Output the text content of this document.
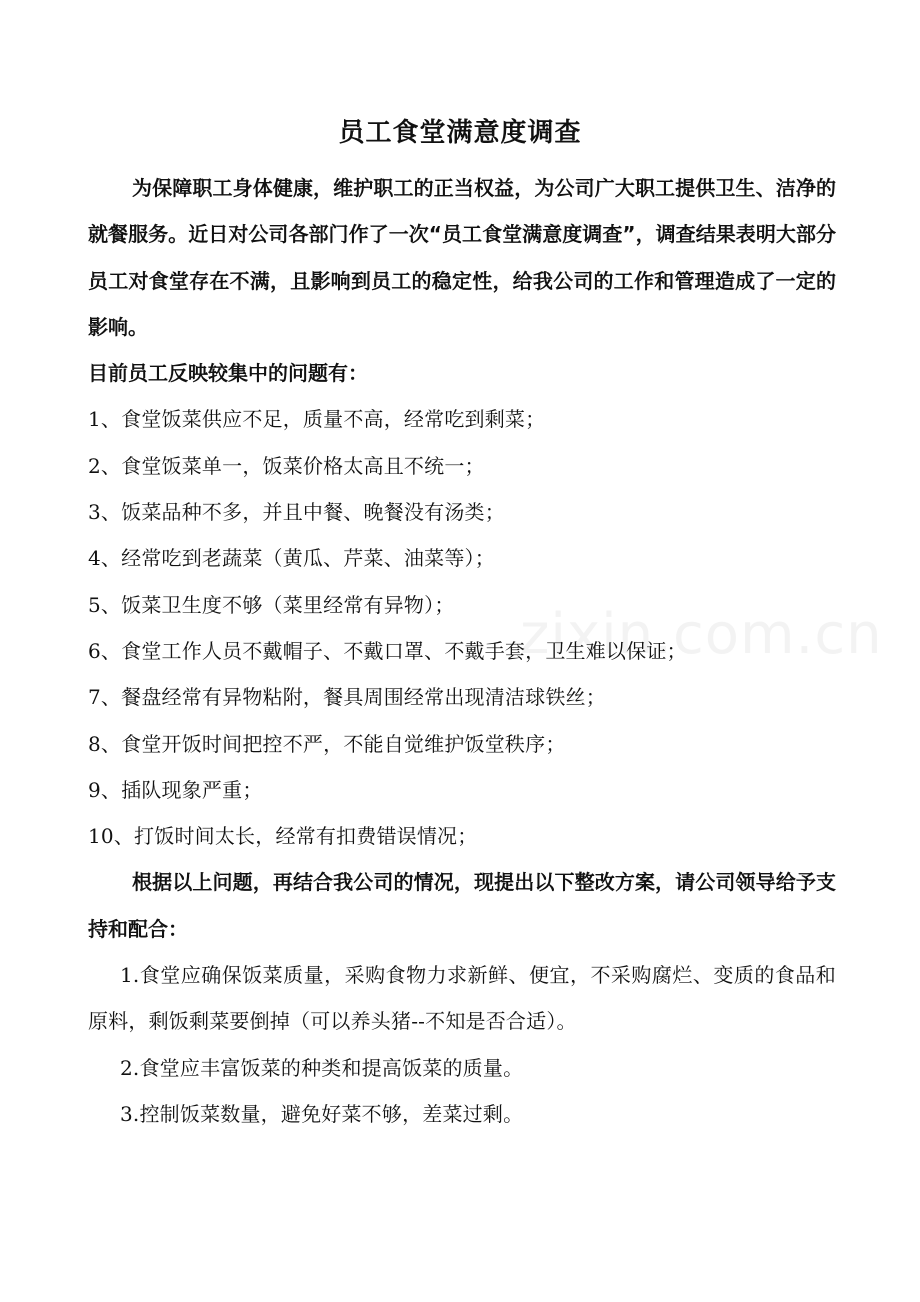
zixin.com.cn
员工食堂满意度调查

为保障职工身体健康，维护职工的正当权益，为公司广大职工提供卫生、洁净的就餐服务。近日对公司各部门作了一次“员工食堂满意度调查”，调查结果表明大部分员工对食堂存在不满，且影响到员工的稳定性，给我公司的工作和管理造成了一定的影响。

目前员工反映较集中的问题有：

1、食堂饭菜供应不足，质量不高，经常吃到剩菜；

2、食堂饭菜单一，饭菜价格太高且不统一；

3、饭菜品种不多，并且中餐、晚餐没有汤类；

4、经常吃到老蔬菜（黄瓜、芹菜、油菜等）；

5、饭菜卫生度不够（菜里经常有异物）；

6、食堂工作人员不戴帽子、不戴口罩、不戴手套，卫生难以保证；

7、餐盘经常有异物粘附，餐具周围经常出现清洁球铁丝；

8、食堂开饭时间把控不严，不能自觉维护饭堂秩序；

9、插队现象严重；

10、打饭时间太长，经常有扣费错误情况；

根据以上问题，再结合我公司的情况，现提出以下整改方案，请公司领导给予支持和配合：

1.食堂应确保饭菜质量，采购食物力求新鲜、便宜，不采购腐烂、变质的食品和原料，剩饭剩菜要倒掉（可以养头猪--不知是否合适）。

2.食堂应丰富饭菜的种类和提高饭菜的质量。

3.控制饭菜数量，避免好菜不够，差菜过剩。
